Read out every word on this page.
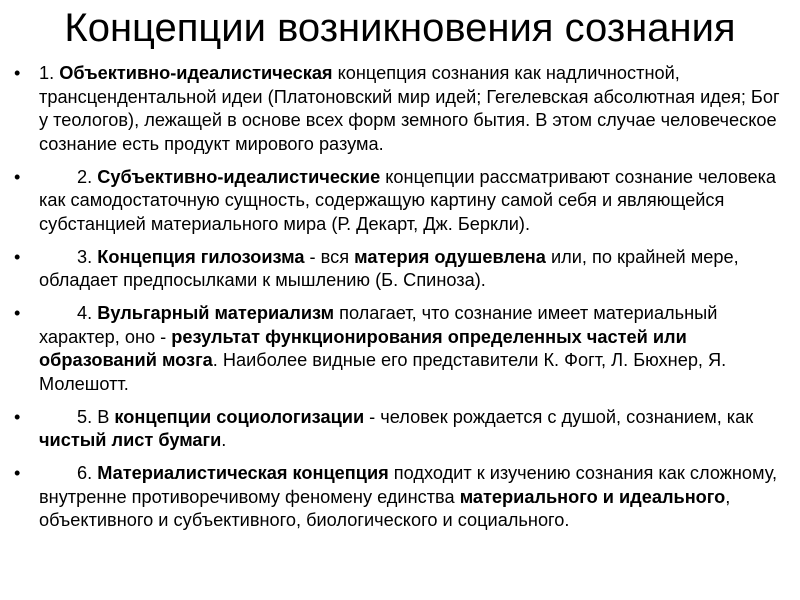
Концепции возникновения сознания
• 1. Объективно-идеалистическая концепция сознания как надличностной, трансцендентальной идеи (Платоновский мир идей; Гегелевская абсолютная идея; Бог у теологов), лежащей в основе всех форм земного бытия. В этом случае человеческое сознание есть продукт мирового разума.
•	2. Субъективно-идеалистические концепции рассматривают сознание человека как самодостаточную сущность, содержащую картину самой себя и являющейся субстанцией материального мира (Р. Декарт, Дж. Беркли).
•	3. Концепция гилозоизма - вся материя одушевлена или, по крайней мере, обладает предпосылками к мышлению (Б. Спиноза).
•	4. Вульгарный материализм полагает, что сознание имеет материальный характер, оно - результат функционирования определенных частей или образований мозга. Наиболее видные его представители К. Фогт, Л. Бюхнер, Я. Молешотт.
•	5. В концепции социологизации - человек рождается с душой, сознанием, как чистый лист бумаги.
•	6. Материалистическая концепция подходит к изучению сознания как сложному, внутренне противоречивому феномену единства материального и идеального, объективного и субъективного, биологического и социального.
